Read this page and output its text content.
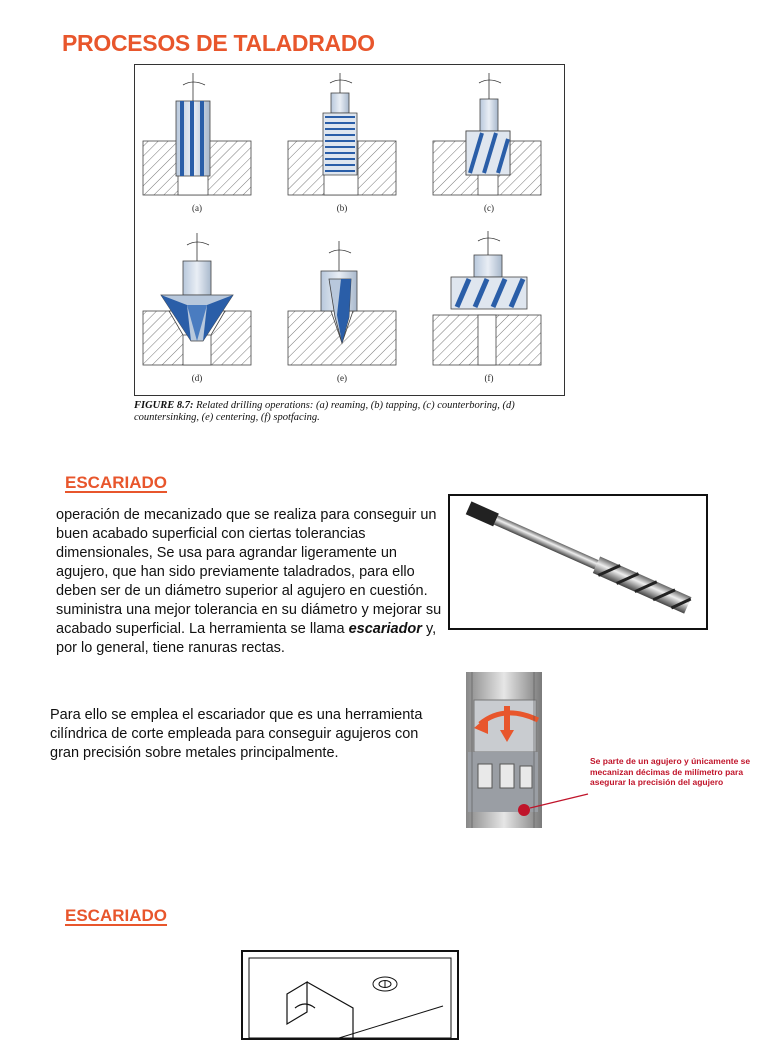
PROCESOS DE TALADRADO
(a)	(b)	(c)
(d)	(e)	(f)
FIGURE 8.7: Related drilling operations: (a) reaming, (b) tapping, (c) counterboring, (d) countersinking, (e) centering, (f) spotfacing.
ESCARIADO
operación de mecanizado que se realiza para conseguir un buen acabado superficial con ciertas tolerancias dimensionales, Se usa para agrandar ligeramente un agujero, que han sido previamente taladrados, para ello deben ser de un diámetro superior al agujero en cuestión. suministra una mejor tolerancia en su diámetro y mejorar su acabado superficial. La herramienta se llama escariador y, por lo general, tiene ranuras rectas.
Para ello se emplea el escariador que es una herramienta cilíndrica de corte empleada para conseguir agujeros con gran precisión sobre metales principalmente.	Se parte de un agujero y únicamente se mecanizan décimas de milímetro para asegurar la precisión del agujero
ESCARIADO
